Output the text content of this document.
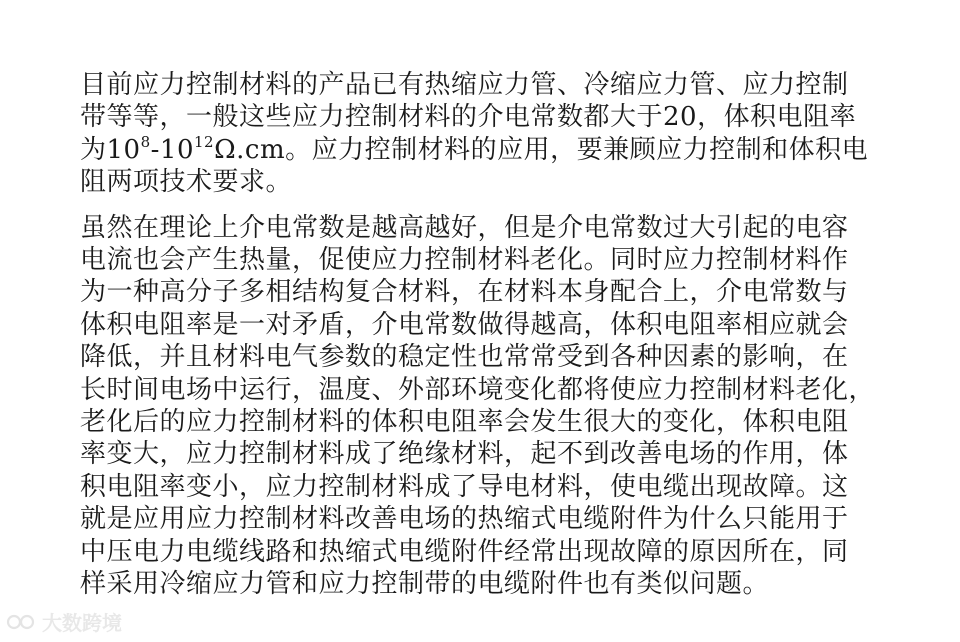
目前应力控制材料的产品已有热缩应力管、冷缩应力管、应力控制
带等等，一般这些应力控制材料的介电常数都大于20，体积电阻率
为$10^8-10^{12}\Omega.cm$。应力控制材料的应用，要兼顾应力控制和体积电
阻两项技术要求。

虽然在理论上介电常数是越高越好，但是介电常数过大引起的电容
电流也会产生热量，促使应力控制材料老化。同时应力控制材料作
为一种高分子多相结构复合材料，在材料本身配合上，介电常数与
体积电阻率是一对矛盾，介电常数做得越高，体积电阻率相应就会
降低，并且材料电气参数的稳定性也常常受到各种因素的影响，在
长时间电场中运行，温度、外部环境变化都将使应力控制材料老化，
老化后的应力控制材料的体积电阻率会发生很大的变化，体积电阻
率变大，应力控制材料成了绝缘材料，起不到改善电场的作用，体
积电阻率变小，应力控制材料成了导电材料，使电缆出现故障。这
就是应用应力控制材料改善电场的热缩式电缆附件为什么只能用于
中压电力电缆线路和热缩式电缆附件经常出现故障的原因所在，同
样采用冷缩应力管和应力控制带的电缆附件也有类似问题。

大数跨境
